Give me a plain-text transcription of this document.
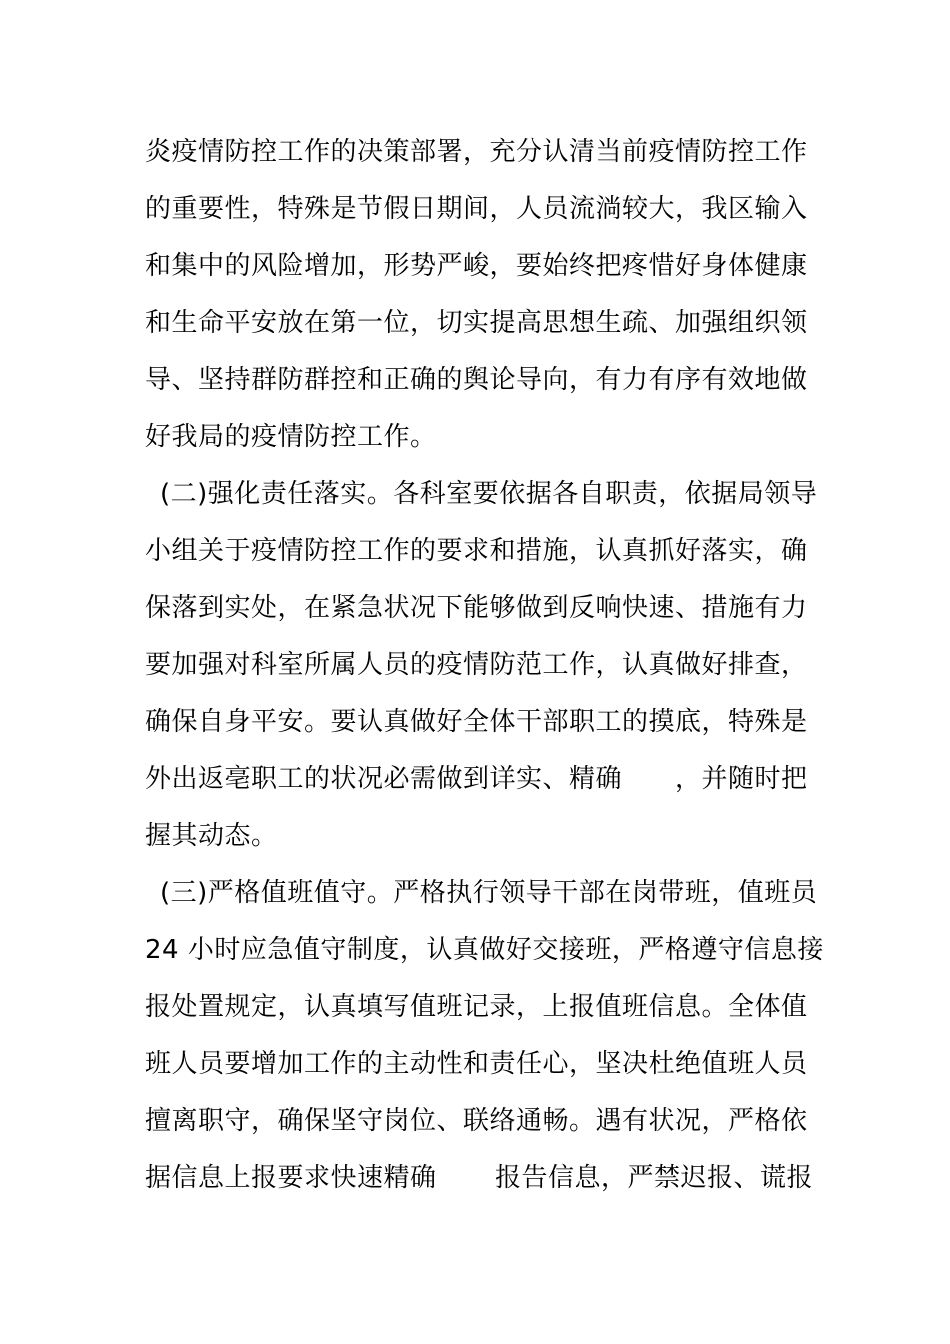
炎疫情防控工作的决策部署，充分认清当前疫情防控工作
的重要性，特殊是节假日期间，人员流淌较大，我区输入
和集中的风险增加，形势严峻，要始终把疼惜好身体健康
和生命平安放在第一位，切实提高思想生疏、加强组织领
导、坚持群防群控和正确的舆论导向，有力有序有效地做
好我局的疫情防控工作。
(二)强化责任落实。各科室要依据各自职责，依据局领导
小组关于疫情防控工作的要求和措施，认真抓好落实，确
保落到实处，在紧急状况下能够做到反响快速、措施有力
要加强对科室所属人员的疫情防范工作，认真做好排查，
确保自身平安。要认真做好全体干部职工的摸底，特殊是
外出返亳职工的状况必需做到详实、精确 ，并随时把
握其动态。
(三)严格值班值守。严格执行领导干部在岗带班，值班员
24 小时应急值守制度，认真做好交接班，严格遵守信息接
报处置规定，认真填写值班记录，上报值班信息。全体值
班人员要增加工作的主动性和责任心，坚决杜绝值班人员
擅离职守，确保坚守岗位、联络通畅。遇有状况，严格依
据信息上报要求快速精确 报告信息，严禁迟报、谎报
